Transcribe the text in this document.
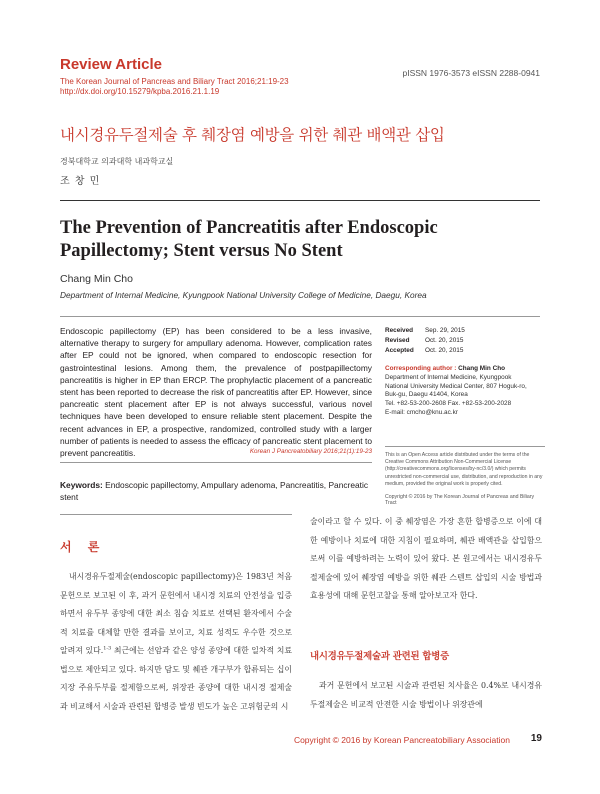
Review Article
The Korean Journal of Pancreas and Biliary Tract 2016;21:19-23
http://dx.doi.org/10.15279/kpba.2016.21.1.19
pISSN 1976-3573 eISSN 2288-0941
내시경유두절제술 후 췌장염 예방을 위한 췌관 배액관 삽입
경북대학교 의과대학 내과학교실
조 창 민
The Prevention of Pancreatitis after Endoscopic Papillectomy; Stent versus No Stent
Chang Min Cho
Department of Internal Medicine, Kyungpook National University College of Medicine, Daegu, Korea
Endoscopic papillectomy (EP) has been considered to be a less invasive, alternative therapy to surgery for ampullary adenoma. However, complication rates after EP could not be ignored, when compared to endoscopic resection for gastrointestinal lesions. Among them, the prevalence of postpapillectomy pancreatitis is higher in EP than ERCP. The prophylactic placement of a pancreatic stent has been reported to decrease the risk of pancreatitis after EP. However, since pancreatic stent placement after EP is not always successful, various novel techniques have been developed to ensure reliable stent placement. Despite the recent advances in EP, a prospective, randomized, controlled study with a larger number of patients is needed to assess the efficacy of pancreatic stent placement to prevent pancreatitis.	Korean J Pancreatobiliary 2016;21(1):19-23
Keywords: Endoscopic papillectomy, Ampullary adenoma, Pancreatitis, Pancreatic stent
Received	Sep. 29, 2015
Revised	Oct. 20, 2015
Accepted	Oct. 20, 2015
Corresponding author : Chang Min Cho
Department of Internal Medicine, Kyungpook
National University Medical Center, 807 Hoguk-ro,
Buk-gu, Daegu 41404, Korea
Tel. +82-53-200-2608 Fax. +82-53-200-2028
E-mail: cmcho@knu.ac.kr
This is an Open Access article distributed under the terms of the Creative Commons Attribution Non-Commercial License (http://creativecommons.org/licenses/by-nc/3.0/) which permits unrestricted non-commercial use, distribution, and reproduction in any medium, provided the original work is properly cited.
Copyright © 2016 by The Korean Journal of Pancreas and Biliary Tract
서 론
내시경유두절제술(endoscopic papillectomy)은 1983년 처음 문헌으로 보고된 이 후, 과거 문헌에서 내시경 치료의 안전성을 입증하면서 유두부 종양에 대한 최소 침습 치료로 선택된 환자에서 수술적 치료를 대체할 만한 결과를 보이고, 치료 성적도 우수한 것으로 알려져 있다.$^{1-3}$ 최근에는 선암과 같은 양성 종양에 대한 일차적 치료법으로 제안되고 있다. 하지만 담도 및 췌관 개구부가 합류되는 십이지장 주유두부를 절제함으로써, 위장관 종양에 대한 내시경 절제술과 비교해서 시술과 관련된 합병증 발생 빈도가 높은 고위험군의 시
술이라고 할 수 있다. 이 중 췌장염은 가장 흔한 합병증으로 이에 대한 예방이나 치료에 대한 지침이 필요하며, 췌관 배액관을 삽입함으로써 이를 예방하려는 노력이 있어 왔다. 본 원고에서는 내시경유두절제술에 있어 췌장염 예방을 위한 췌관 스텐트 삽입의 시술 방법과 효용성에 대해 문헌고찰을 통해 알아보고자 한다.
내시경유두절제술과 관련된 합병증
과거 문헌에서 보고된 시술과 관련된 치사율은 0.4%로 내시경유두절제술은 비교적 안전한 시술 방법이나 위장관에
Copyright © 2016 by Korean Pancreatobiliary Association 19
